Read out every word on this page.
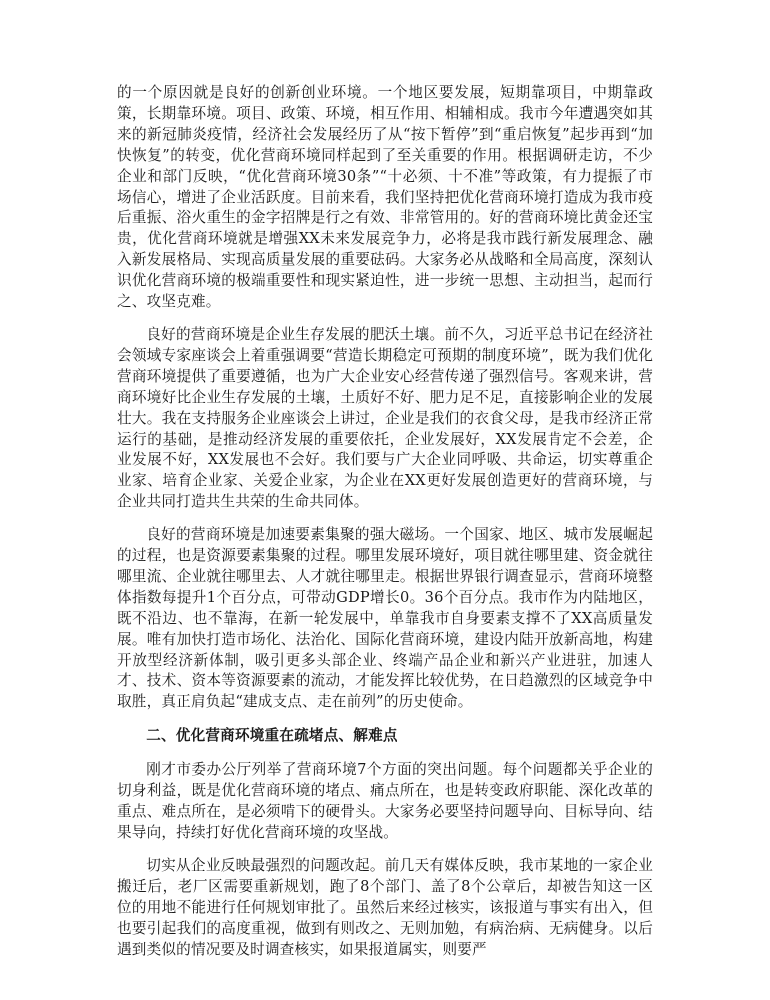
的一个原因就是良好的创新创业环境。一个地区要发展，短期靠项目，中期靠政策，长期靠环境。项目、政策、环境，相互作用、相辅相成。我市今年遭遇突如其来的新冠肺炎疫情，经济社会发展经历了从“按下暂停”到“重启恢复”起步再到“加快恢复”的转变，优化营商环境同样起到了至关重要的作用。根据调研走访，不少企业和部门反映，“优化营商环境30条”“十必须、十不准”等政策，有力提振了市场信心，增进了企业活跃度。目前来看，我们坚持把优化营商环境打造成为我市疫后重振、浴火重生的金字招牌是行之有效、非常管用的。好的营商环境比黄金还宝贵，优化营商环境就是增强XX未来发展竞争力，必将是我市践行新发展理念、融入新发展格局、实现高质量发展的重要砝码。大家务必从战略和全局高度，深刻认识优化营商环境的极端重要性和现实紧迫性，进一步统一思想、主动担当，起而行之、攻坚克难。

良好的营商环境是企业生存发展的肥沃土壤。前不久，习近平总书记在经济社会领域专家座谈会上着重强调要“营造长期稳定可预期的制度环境”，既为我们优化营商环境提供了重要遵循，也为广大企业安心经营传递了强烈信号。客观来讲，营商环境好比企业生存发展的土壤，土质好不好、肥力足不足，直接影响企业的发展壮大。我在支持服务企业座谈会上讲过，企业是我们的衣食父母，是我市经济正常运行的基础，是推动经济发展的重要依托，企业发展好，XX发展肯定不会差，企业发展不好，XX发展也不会好。我们要与广大企业同呼吸、共命运，切实尊重企业家、培育企业家、关爱企业家，为企业在XX更好发展创造更好的营商环境，与企业共同打造共生共荣的生命共同体。

良好的营商环境是加速要素集聚的强大磁场。一个国家、地区、城市发展崛起的过程，也是资源要素集聚的过程。哪里发展环境好，项目就往哪里建、资金就往哪里流、企业就往哪里去、人才就往哪里走。根据世界银行调查显示，营商环境整体指数每提升1个百分点，可带动GDP增长0。36个百分点。我市作为内陆地区，既不沿边、也不靠海，在新一轮发展中，单靠我市自身要素支撑不了XX高质量发展。唯有加快打造市场化、法治化、国际化营商环境，建设内陆开放新高地，构建开放型经济新体制，吸引更多头部企业、终端产品企业和新兴产业进驻，加速人才、技术、资本等资源要素的流动，才能发挥比较优势，在日趋激烈的区域竞争中取胜，真正肩负起“建成支点、走在前列”的历史使命。

二、优化营商环境重在疏堵点、解难点

刚才市委办公厅列举了营商环境7个方面的突出问题。每个问题都关乎企业的切身利益，既是优化营商环境的堵点、痛点所在，也是转变政府职能、深化改革的重点、难点所在，是必须啃下的硬骨头。大家务必要坚持问题导向、目标导向、结果导向，持续打好优化营商环境的攻坚战。

切实从企业反映最强烈的问题改起。前几天有媒体反映，我市某地的一家企业搬迁后，老厂区需要重新规划，跑了8个部门、盖了8个公章后，却被告知这一区位的用地不能进行任何规划审批了。虽然后来经过核实，该报道与事实有出入，但也要引起我们的高度重视，做到有则改之、无则加勉，有病治病、无病健身。以后遇到类似的情况要及时调查核实，如果报道属实，则要严
